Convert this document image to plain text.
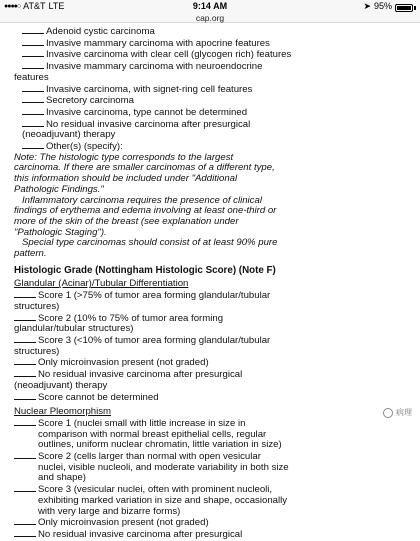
●●●●○ AT&T LTE	9:14 AM	➤ 95%
cap.org
Adenoid cystic carcinoma
Invasive mammary carcinoma with apocrine features
Invasive carcinoma with clear cell (glycogen rich) features
Invasive mammary carcinoma with neuroendocrine
features
Invasive carcinoma, with signet-ring cell features
Secretory carcinoma
Invasive carcinoma, type cannot be determined
No residual invasive carcinoma after presurgical
(neoadjuvant) therapy
Other(s) (specify):
Note: The histologic type corresponds to the largest
carcinoma. If there are smaller carcinomas of a different type,
this information should be included under "Additional
Pathologic Findings."
Inflammatory carcinoma requires the presence of clinical
findings of erythema and edema involving at least one-third or
more of the skin of the breast (see explanation under
"Pathologic Staging").
Special type carcinomas should consist of at least 90% pure
pattern.
Histologic Grade (Nottingham Histologic Score) (Note F)
Glandular (Acinar)/Tubular Differentiation
Score 1 (>75% of tumor area forming glandular/tubular
structures)
Score 2 (10% to 75% of tumor area forming
glandular/tubular structures)
Score 3 (<10% of tumor area forming glandular/tubular
structures)
Only microinvasion present (not graded)
No residual invasive carcinoma after presurgical
(neoadjuvant) therapy
Score cannot be determined
Nuclear Pleomorphism
Score 1 (nuclei small with little increase in size in
comparison with normal breast epithelial cells, regular
outlines, uniform nuclear chromatin, little variation in size)
Score 2 (cells larger than normal with open vesicular
nuclei, visible nucleoli, and moderate variability in both size
and shape)
Score 3 (vesicular nuclei, often with prominent nucleoli,
exhibiting marked variation in size and shape, occasionally
with very large and bizarre forms)
Only microinvasion present (not graded)
No residual invasive carcinoma after presurgical
病理
